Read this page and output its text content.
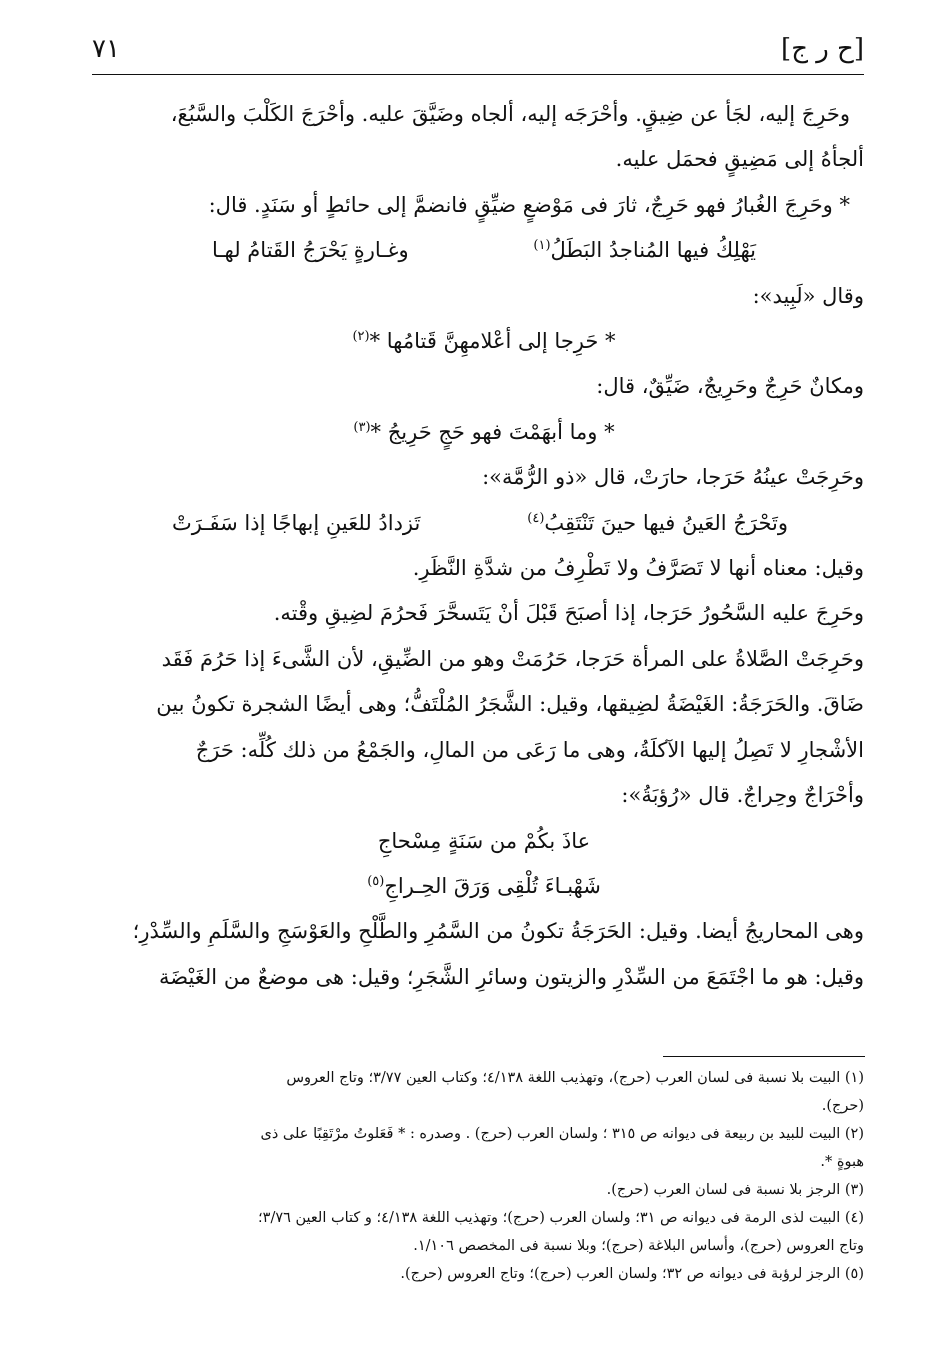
[ح ر ج]
٧١

وحَرِجَ إليه، لجَأ عن ضِيقٍ. وأحْرَجَه إليه، ألجاه وضَيَّقَ عليه. وأحْرَجَ الكَلْبَ والسَّبُعَ،

ألجأهُ إلى مَضِيقٍ فحمَل عليه.

* وحَرِجَ الغُبارُ فهو حَرِجٌ، ثارَ فى مَوْضعٍ ضيِّقٍ فانضمَّ إلى حائطٍ أو سَنَدٍ. قال:

يَهْلِكُ فيها المُناجدُ البَطَلُ$^{(١)}$
وغـارةٍ يَحْرَجُ القَتامُ لهـا

وقال «لَبِيد»:

* حَرِجا إلى أعْلامهِنَّ قَتامُها *$^{(٢)}$

ومكانٌ حَرِجٌ وحَرِيجٌ، ضَيِّقٌ، قال:

* وما أبهَمْتَ فهو حَجٍ حَرِيجُ *$^{(٣)}$

وحَرِجَتْ عينُهُ حَرَجا، حارَتْ، قال «ذو الرُّمَّة»:

وتَحْرَجُ العَينُ فيها حينَ تَنْتَقِبُ$^{(٤)}$
تَزدادُ للعَينِ إبهاجًا إذا سَفَـرَتْ

وقيل: معناه أنها لا تَصَرَّفُ ولا تَطْرِفُ من شدَّةِ النَّظَرِ.

وحَرِجَ عليه السَّحُورُ حَرَجا، إذا أصبَحَ قَبْلَ أنْ يَتَسحَّرَ فَحرُمَ لضِيقِ وقْته.

وحَرِجَتْ الصَّلاةُ على المرأة حَرَجا، حَرُمَتْ وهو من الضِّيقِ، لأن الشَّىءَ إذا حَرُمَ فَقَد

ضَاقَ. والحَرَجَةُ: الغَيْضَةُ لضِيقها، وقيل: الشَّجَرُ المُلْتَفُّ؛ وهى أيضًا الشجرة تكونُ بين

الأشْجارِ لا تَصِلُ إليها الآكلَةُ، وهى ما رَعَى من المالِ، والجَمْعُ من ذلك كُلِّه: حَرَجٌ

وأحْرَاجٌ وحِراجٌ. قال «رُؤبَةُ»:

عاذَ بكُمْ من سَنَةٍ مِسْحاجِ

شَهْبـاءَ تُلْقِى وَرَقَ الحِـراجِ$^{(٥)}$

وهى المحاريجُ أيضا. وقيل: الحَرَجَةُ تكونُ من السَّمُرِ والطَّلْحِ والعَوْسَجِ والسَّلَمِ والسِّدْرِ؛

وقيل: هو ما اجْتَمَعَ من السِّدْرِ والزيتون وسائرِ الشَّجَرِ؛ وقيل: هى موضعٌ من الغَيْضَة

(١) البيت بلا نسبة فى لسان العرب (حرج)، وتهذيب اللغة ٤/١٣٨؛ وكتاب العين ٣/٧٧؛ وتاج العروس

(حرج).

(٢) البيت للبيد بن ربيعة فى ديوانه ص ٣١٥ ؛ ولسان العرب (حرج) . وصدره : * فَعَلوتُ مرْتَقِبًا على ذى

هبوةٍ *.

(٣) الرجز بلا نسبة فى لسان العرب (حرج).

(٤) البيت لذى الرمة فى ديوانه ص ٣١؛ ولسان العرب (حرج)؛ وتهذيب اللغة ٤/١٣٨؛ و كتاب العين ٣/٧٦؛

وتاج العروس (حرج)، وأساس البلاغة (حرج)؛ وبلا نسبة فى المخصص ١/١٠٦.

(٥) الرجز لرؤبة فى ديوانه ص ٣٢؛ ولسان العرب (حرج)؛ وتاج العروس (حرج).
